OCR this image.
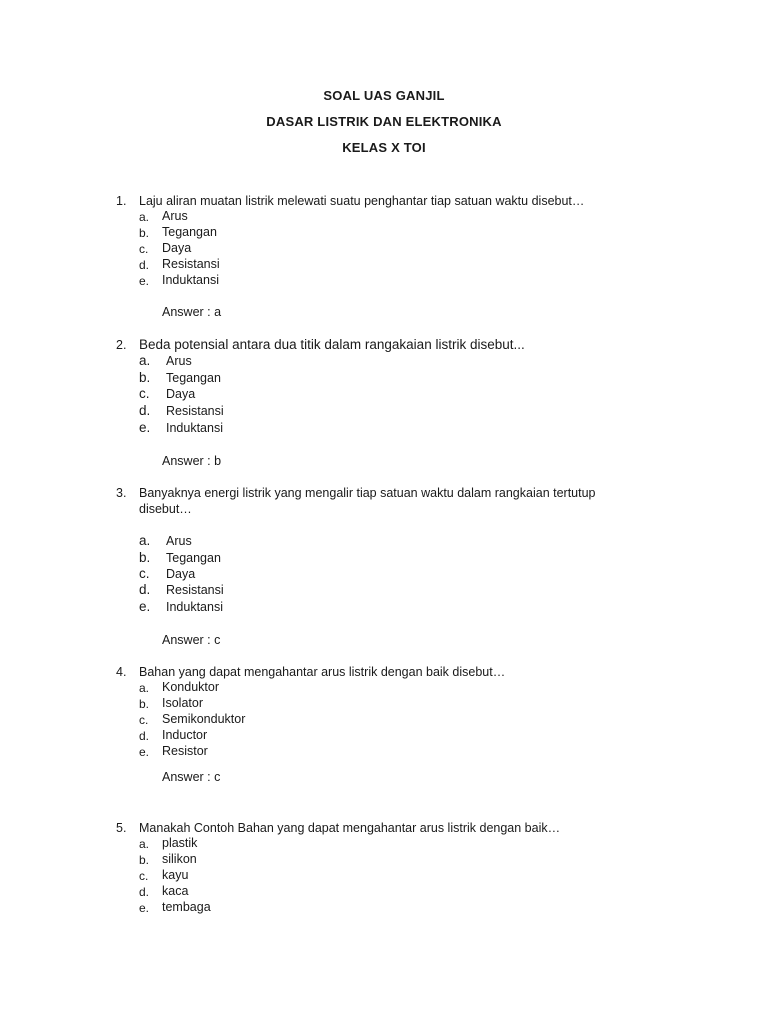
SOAL UAS GANJIL
DASAR LISTRIK DAN ELEKTRONIKA
KELAS X TOI
1. Laju aliran muatan listrik melewati suatu penghantar tiap satuan waktu disebut…
a. Arus
b. Tegangan
c. Daya
d. Resistansi
e. Induktansi
Answer : a
2. Beda potensial antara dua titik dalam rangakaian listrik disebut...
a. Arus
b. Tegangan
c. Daya
d. Resistansi
e. Induktansi
Answer : b
3. Banyaknya energi listrik yang mengalir tiap satuan waktu dalam rangkaian tertutup
disebut…
a. Arus
b. Tegangan
c. Daya
d. Resistansi
e. Induktansi
Answer : c
4. Bahan yang dapat mengahantar arus listrik dengan baik disebut…
a. Konduktor
b. Isolator
c. Semikonduktor
d. Inductor
e. Resistor
Answer : c
5. Manakah Contoh Bahan yang dapat mengahantar arus listrik dengan baik…
a. plastik
b. silikon
c. kayu
d. kaca
e. tembaga
